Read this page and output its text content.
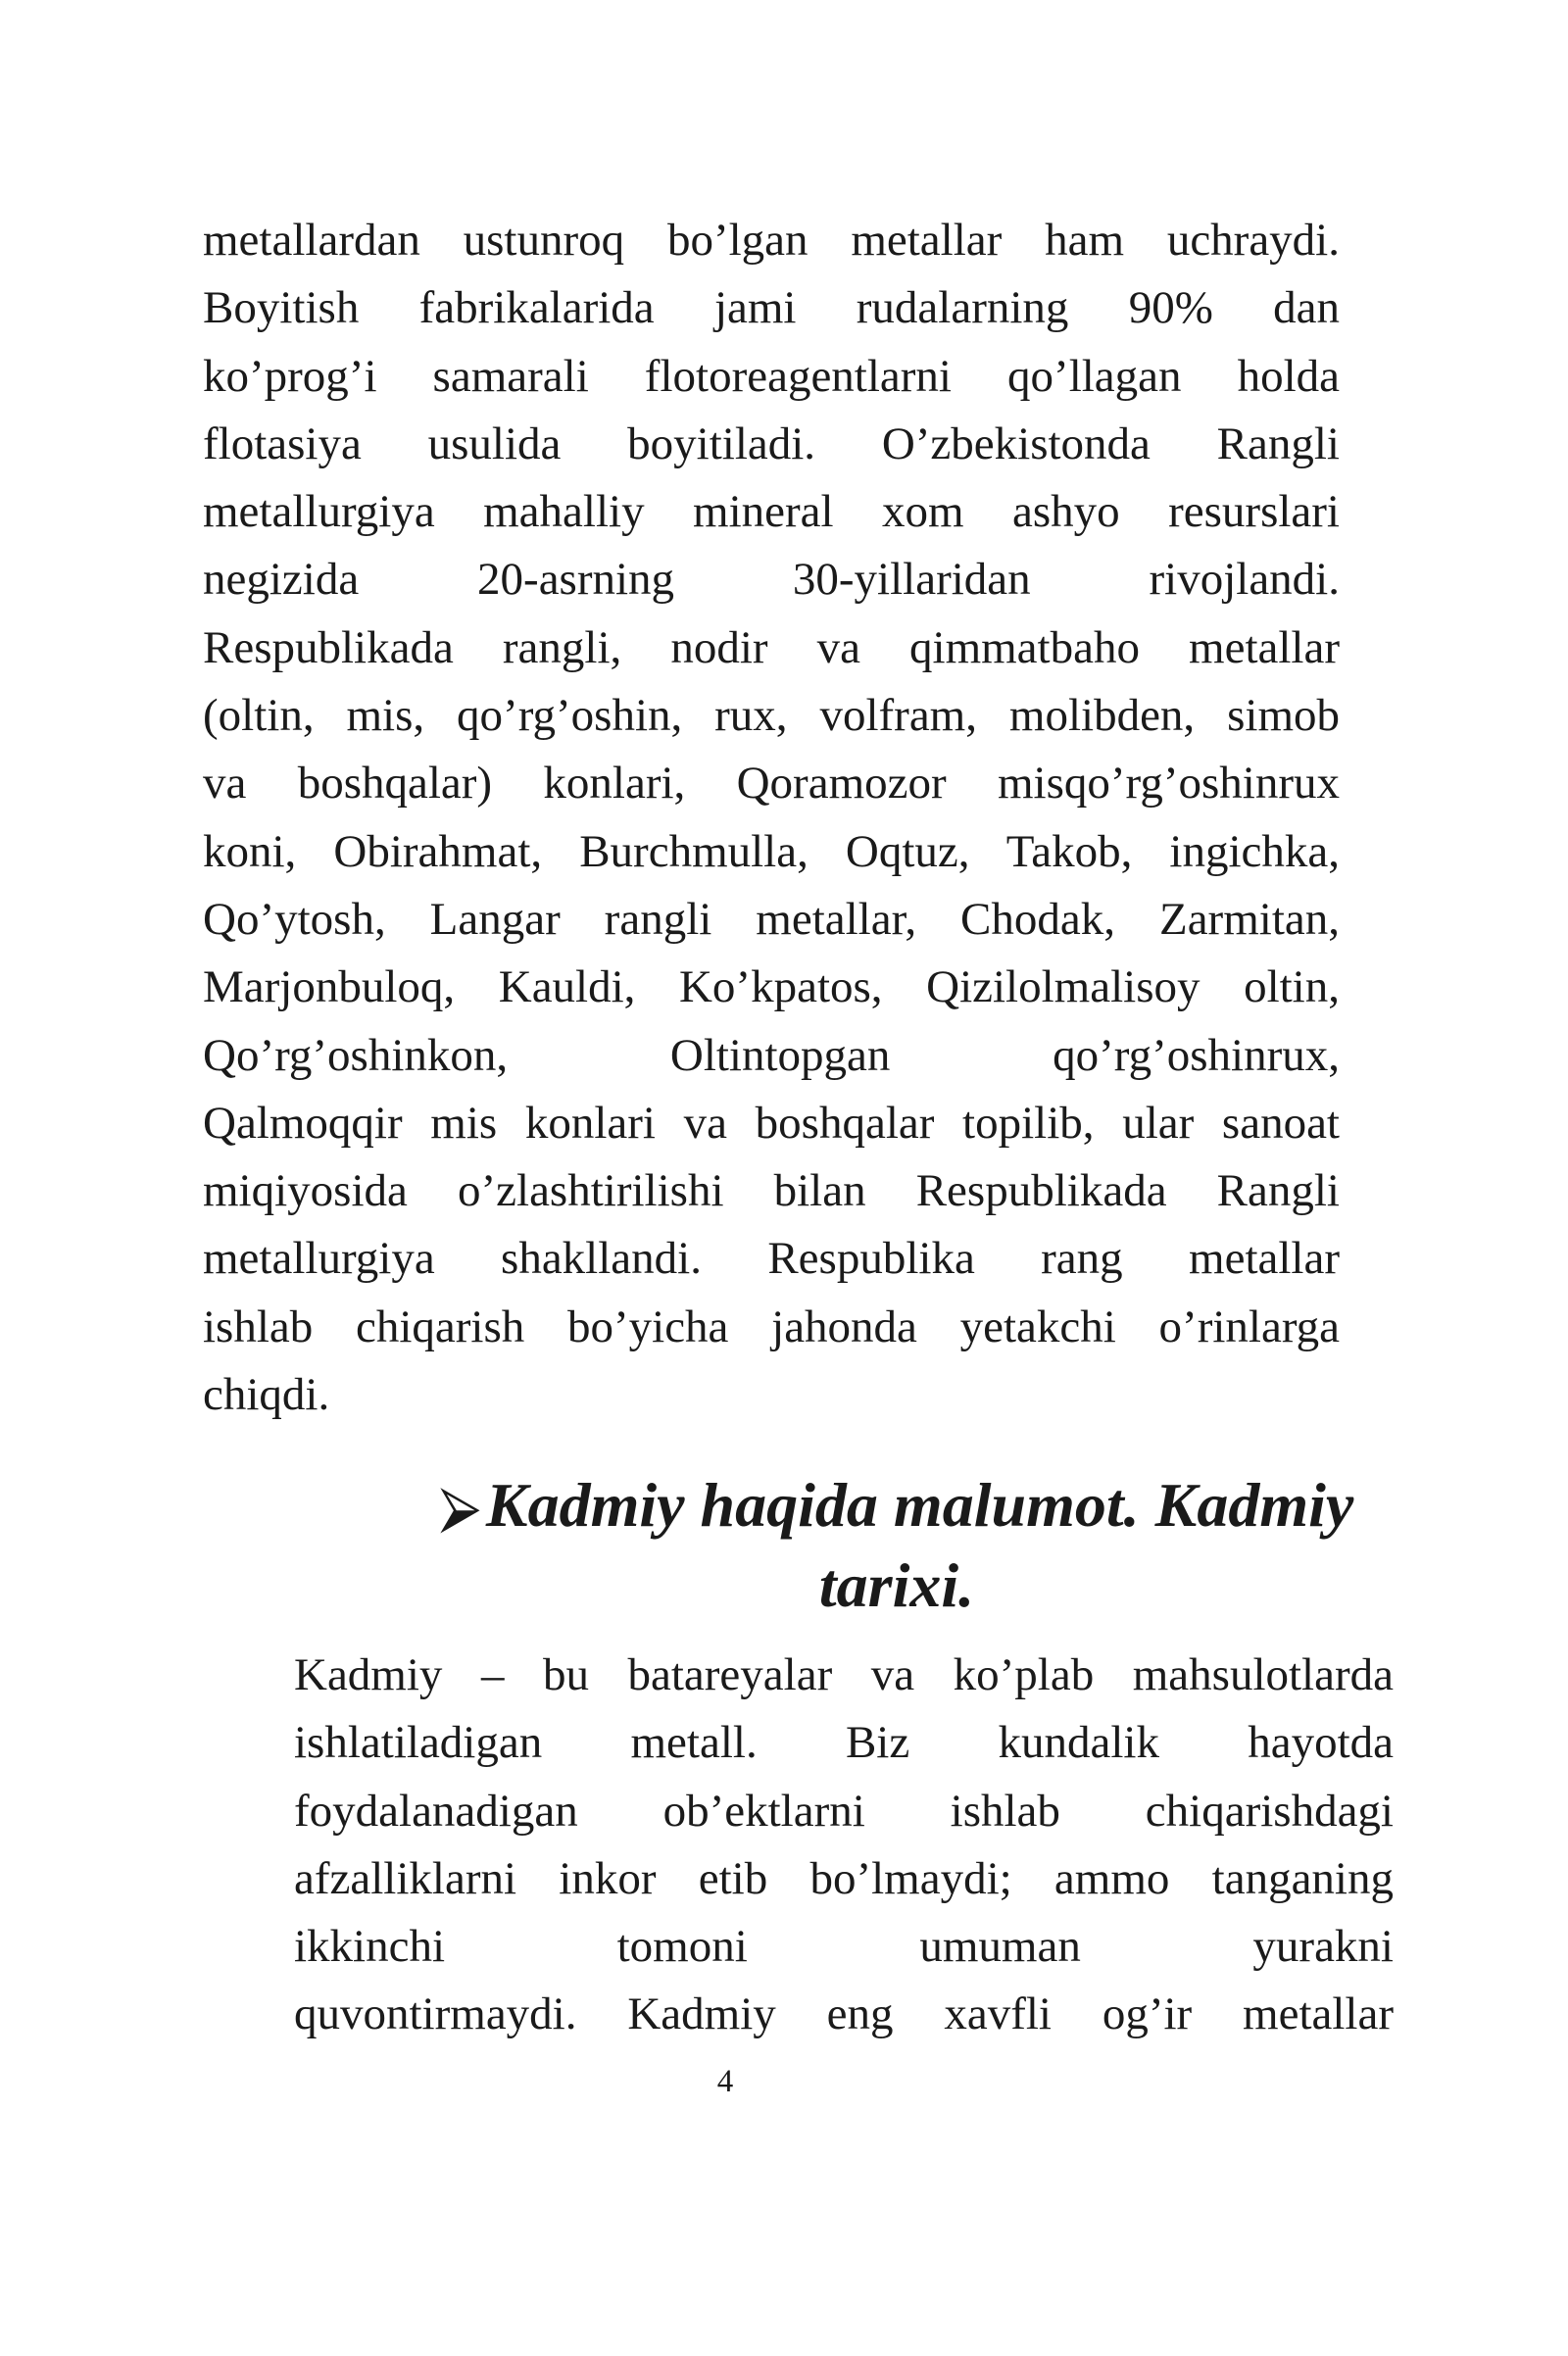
metallardan ustunroq bo’lgan metallar ham uchraydi.
Boyitish fabrikalarida jami rudalarning 90% dan
ko’prog’i samarali flotoreagentlarni qo’llagan holda
flotasiya usulida boyitiladi. O’zbekistonda Rangli
metallurgiya mahalliy mineral xom ashyo resurslari
negizida 20-asrning 30-yillaridan rivojlandi.
Respublikada rangli, nodir va qimmatbaho metallar
(oltin, mis, qo’rg’oshin, rux, volfram, molibden, simob
va boshqalar) konlari, Qoramozor misqo’rg’oshinrux
koni, Obirahmat, Burchmulla, Oqtuz, Takob, ingichka,
Qo’ytosh, Langar rangli metallar, Chodak, Zarmitan,
Marjonbuloq, Kauldi, Ko’kpatos, Qizilolmalisoy oltin,
Qo’rg’oshinkon, Oltintopgan qo’rg’oshinrux,
Qalmoqqir mis konlari va boshqalar topilib, ular sanoat
miqiyosida o’zlashtirilishi bilan Respublikada Rangli
metallurgiya shakllandi. Respublika rang metallar
ishlab chiqarish bo’yicha jahonda yetakchi o’rinlarga
chiqdi.
⮚Kadmiy haqida malumot. Kadmiy
tarixi.
Kadmiy – bu batareyalar va ko’plab mahsulotlarda
ishlatiladigan metall. Biz kundalik hayotda
foydalanadigan ob’ektlarni ishlab chiqarishdagi
afzalliklarni inkor etib bo’lmaydi; ammo tanganing
ikkinchi tomoni umuman yurakni
quvontirmaydi. Kadmiy eng xavfli og’ir metallar
4
